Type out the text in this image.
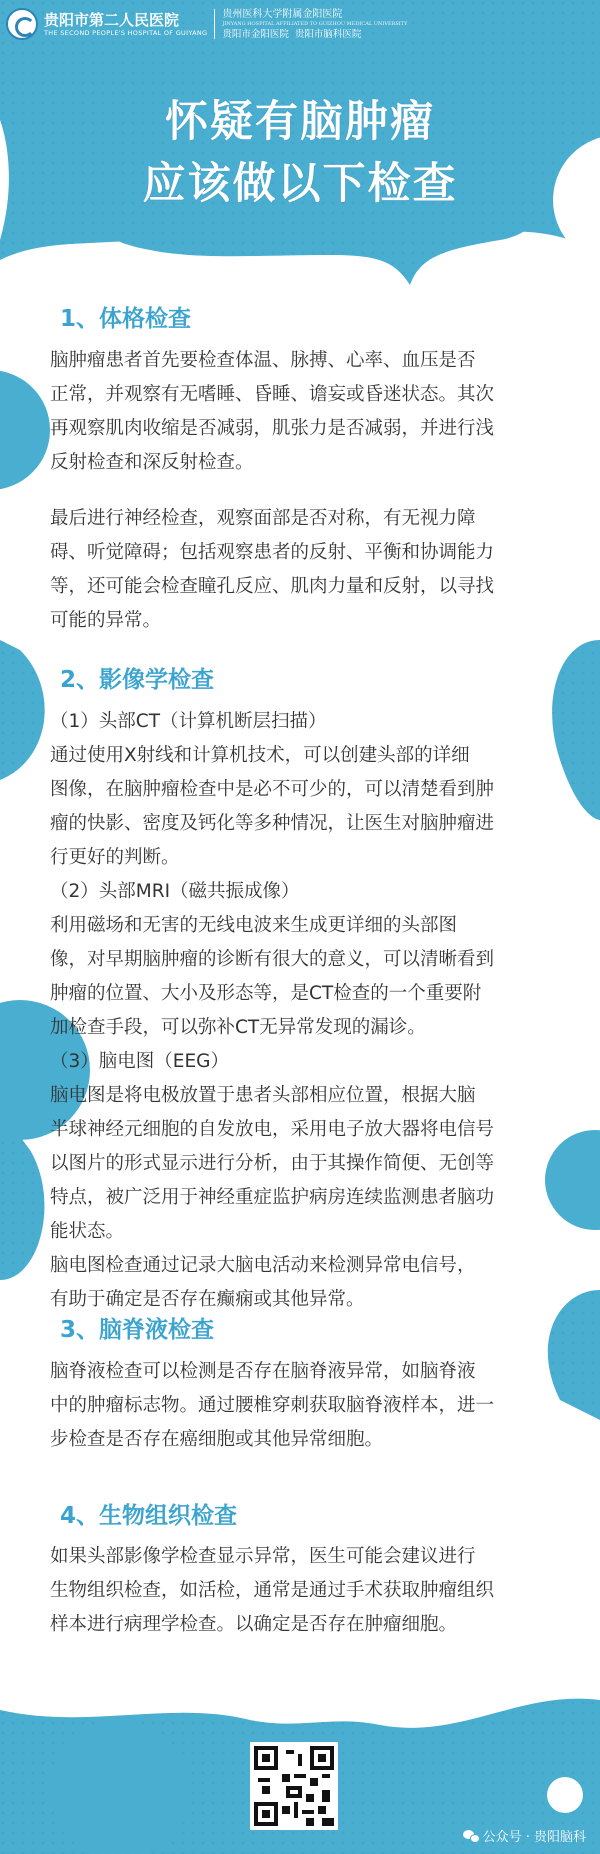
贵阳市第二人民医院
THE SECOND PEOPLE'S HOSPITAL OF GUIYANG
贵州医科大学附属金阳医院
JINYANG HOSPITAL AFFILIATED TO GUIZHOU MEDICAL UNIVERSITY
贵阳市金阳医院 贵阳市脑科医院
怀疑有脑肿瘤
应该做以下检查
1、体格检查

脑肿瘤患者首先要检查体温、脉搏、心率、血压是否
正常，并观察有无嗜睡、昏睡、谵妄或昏迷状态。其次
再观察肌肉收缩是否减弱，肌张力是否减弱，并进行浅
反射检查和深反射检查。

最后进行神经检查，观察面部是否对称，有无视力障
碍、听觉障碍；包括观察患者的反射、平衡和协调能力
等，还可能会检查瞳孔反应、肌肉力量和反射，以寻找
可能的异常。

2、影像学检查

（1）头部CT（计算机断层扫描）
通过使用X射线和计算机技术，可以创建头部的详细
图像，在脑肿瘤检查中是必不可少的，可以清楚看到肿
瘤的快影、密度及钙化等多种情况，让医生对脑肿瘤进
行更好的判断。
（2）头部MRI（磁共振成像）
利用磁场和无害的无线电波来生成更详细的头部图
像，对早期脑肿瘤的诊断有很大的意义，可以清晰看到
肿瘤的位置、大小及形态等，是CT检查的一个重要附
加检查手段，可以弥补CT无异常发现的漏诊。
（3）脑电图（EEG）
脑电图是将电极放置于患者头部相应位置，根据大脑
半球神经元细胞的自发放电，采用电子放大器将电信号
以图片的形式显示进行分析，由于其操作简便、无创等
特点，被广泛用于神经重症监护病房连续监测患者脑功
能状态。
脑电图检查通过记录大脑电活动来检测异常电信号，
有助于确定是否存在癫痫或其他异常。

3、脑脊液检查

脑脊液检查可以检测是否存在脑脊液异常，如脑脊液
中的肿瘤标志物。通过腰椎穿刺获取脑脊液样本，进一
步检查是否存在癌细胞或其他异常细胞。

4、生物组织检查

如果头部影像学检查显示异常，医生可能会建议进行
生物组织检查，如活检，通常是通过手术获取肿瘤组织
样本进行病理学检查。以确定是否存在肿瘤细胞。

公众号 · 贵阳脑科
